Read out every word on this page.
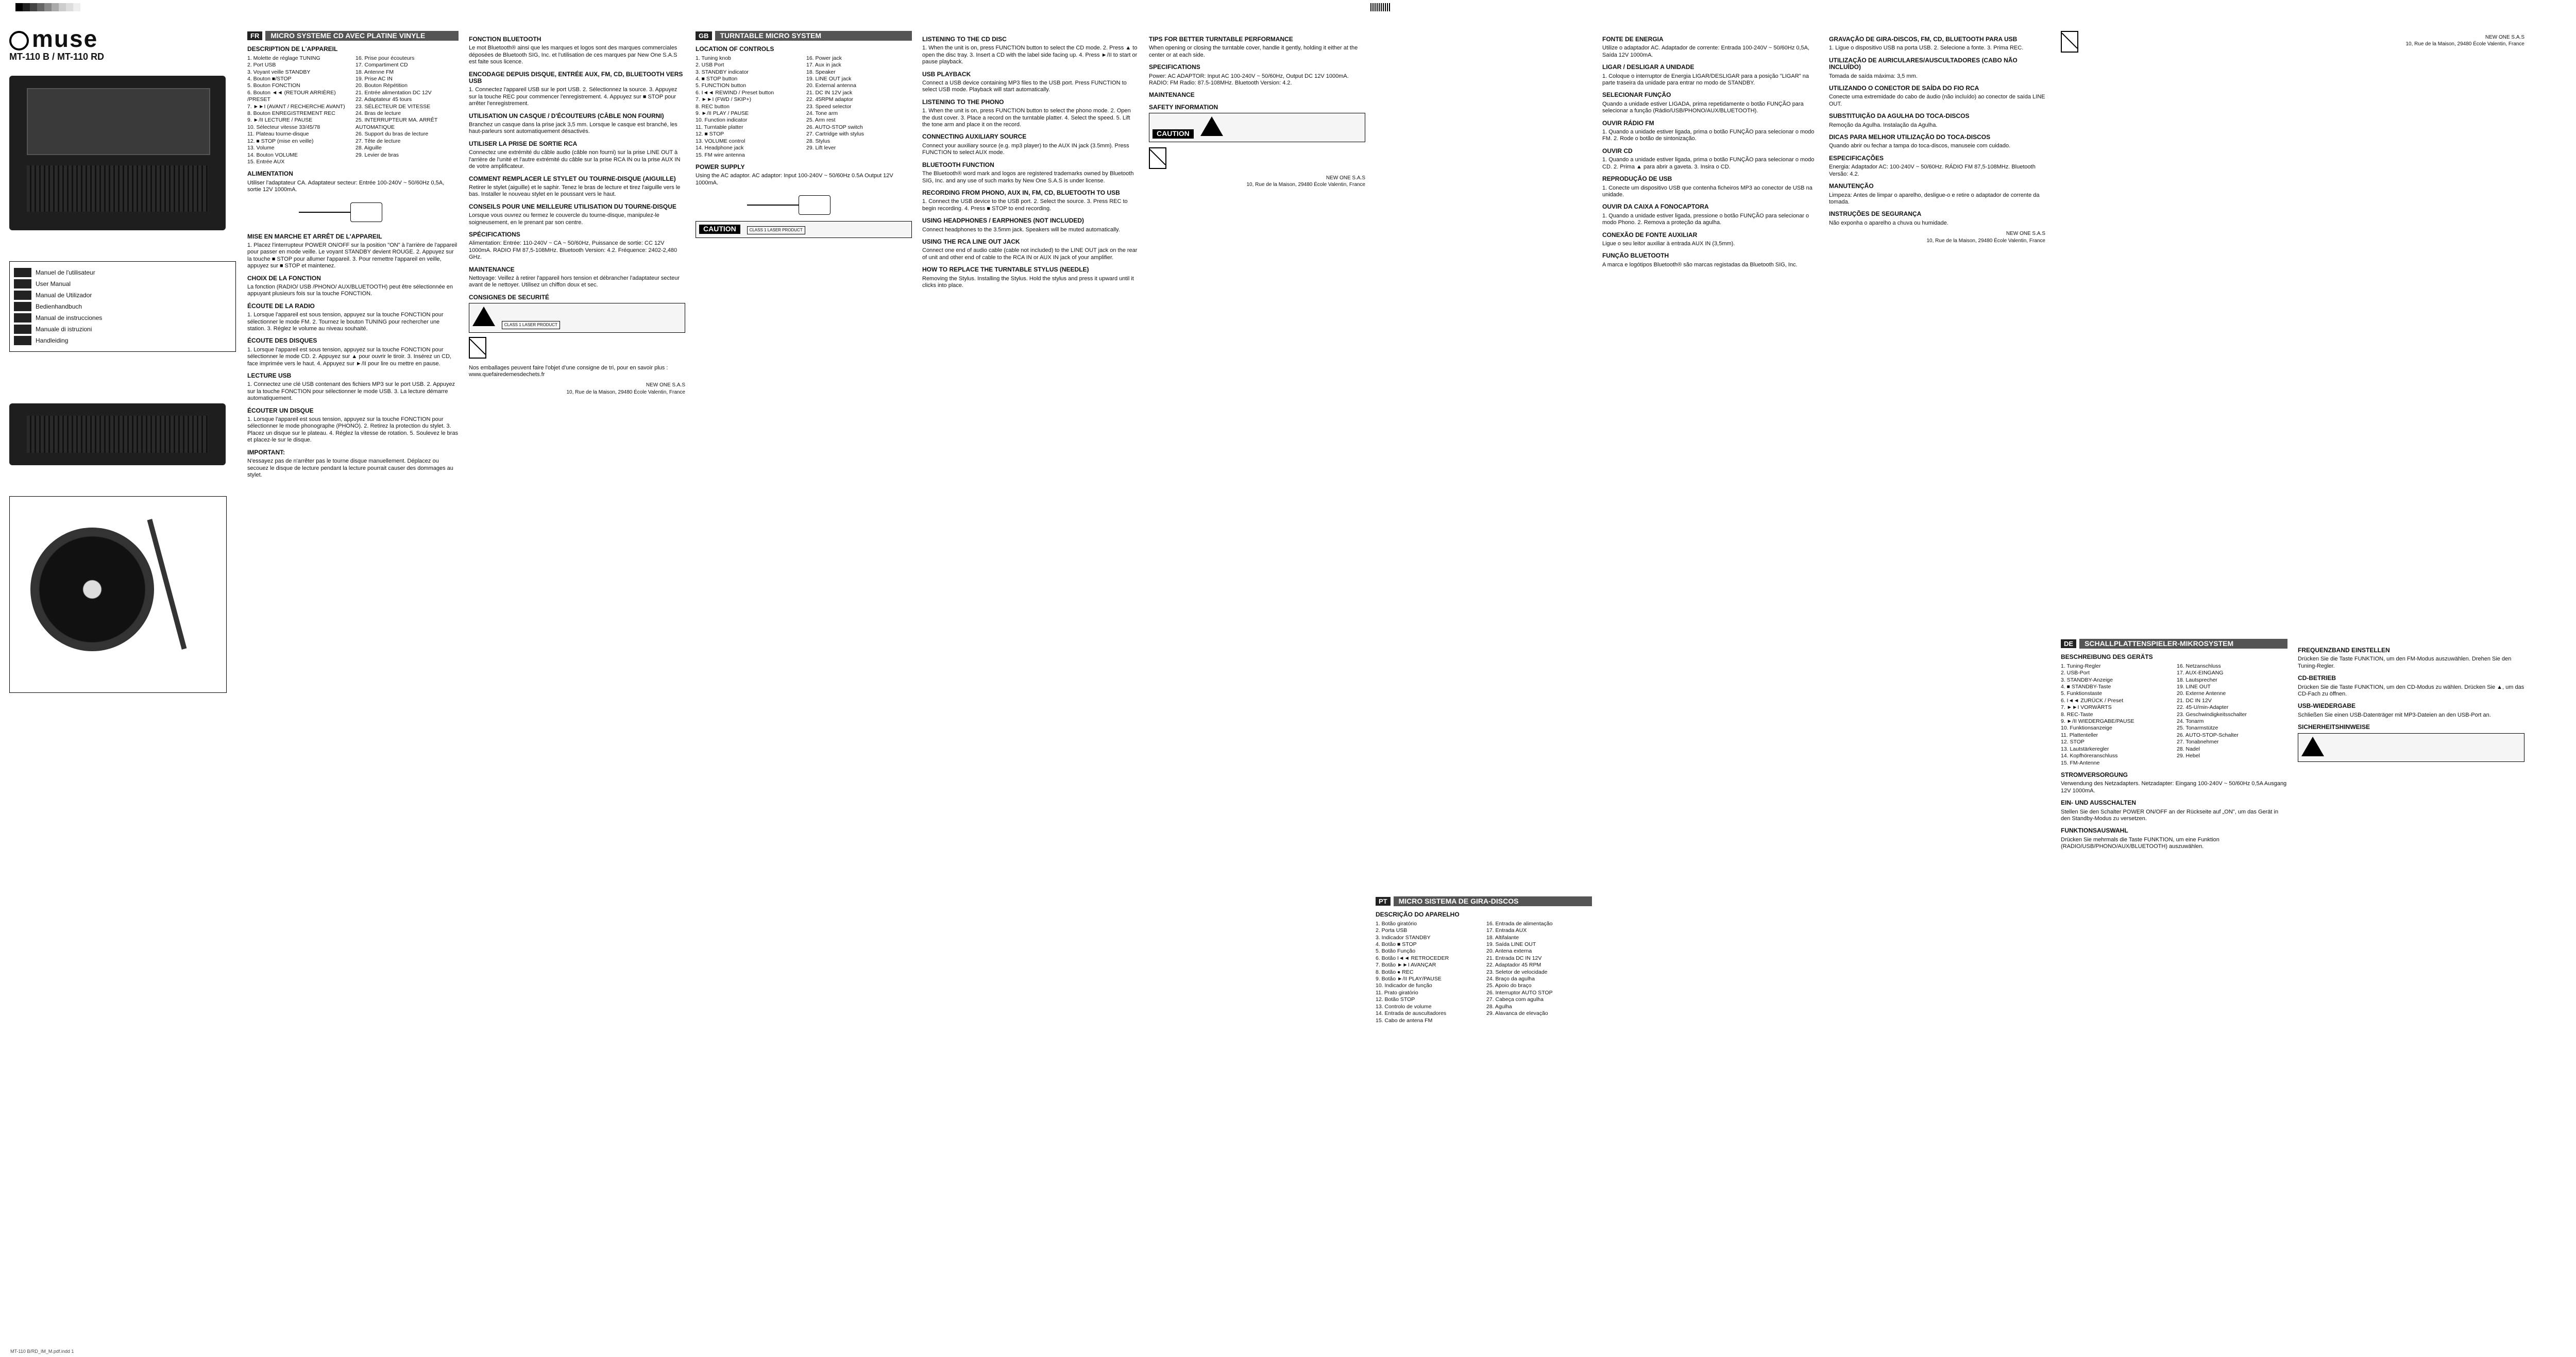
muse
MT-110 B / MT-110 RD
Manuel de l'utilisateur
User Manual
Manual de Utilizador
Bedienhandbuch
Manual de instrucciones
Manuale di istruzioni
Handleiding
FR	MICRO SYSTEME CD AVEC PLATINE VINYLE
DESCRIPTION DE L'APPAREIL
1. Molette de réglage TUNING
2. Port USB
3. Voyant veille STANDBY
4. Bouton ■/STOP
5. Bouton FONCTION
6. Bouton ◄◄ (RETOUR ARRIÈRE) /PRESET
7. ►►I (AVANT / RECHERCHE AVANT)
8. Bouton ENREGISTREMENT REC
9. ►/II LECTURE / PAUSE
10. Sélecteur vitesse 33/45/78
11. Plateau tourne-disque
12. ■ STOP (mise en veille)
13. Volume
14. Bouton VOLUME
15. Entrée AUX
16. Prise pour écouteurs
17. Compartiment CD
18. Antenne FM
19. Prise AC IN
20. Bouton Répétition
21. Entrée alimentation DC 12V
22. Adaptateur 45 tours
23. SÉLECTEUR DE VITESSE
24. Bras de lecture
25. INTERRUPTEUR MA. ARRÊT AUTOMATIQUE
26. Support du bras de lecture
27. Tête de lecture
28. Aiguille
29. Levier de bras
ALIMENTATION

Utiliser l'adaptateur CA. Adaptateur secteur: Entrée 100-240V ~ 50/60Hz 0,5A, sortie 12V 1000mA.

MISE EN MARCHE ET ARRÊT DE L'APPAREIL

1. Placez l'interrupteur POWER ON/OFF sur la position "ON" à l'arrière de l'appareil pour passer en mode veille. Le voyant STANDBY devient ROUGE. 2. Appuyez sur la touche ■ STOP pour allumer l'appareil. 3. Pour remettre l'appareil en veille, appuyez sur ■ STOP et maintenez.

CHOIX DE LA FONCTION

La fonction (RADIO/ USB /PHONO/ AUX/BLUETOOTH) peut être sélectionnée en appuyant plusieurs fois sur la touche FONCTION.

ÉCOUTE DE LA RADIO

1. Lorsque l'appareil est sous tension, appuyez sur la touche FONCTION pour sélectionner le mode FM. 2. Tournez le bouton TUNING pour rechercher une station. 3. Réglez le volume au niveau souhaité.

ÉCOUTE DES DISQUES

1. Lorsque l'appareil est sous tension, appuyez sur la touche FONCTION pour sélectionner le mode CD. 2. Appuyez sur ▲ pour ouvrir le tiroir. 3. Insérez un CD, face imprimée vers le haut. 4. Appuyez sur ►/II pour lire ou mettre en pause.

LECTURE USB

1. Connectez une clé USB contenant des fichiers MP3 sur le port USB. 2. Appuyez sur la touche FONCTION pour sélectionner le mode USB. 3. La lecture démarre automatiquement.

ÉCOUTER UN DISQUE

1. Lorsque l'appareil est sous tension, appuyez sur la touche FONCTION pour sélectionner le mode phonographe (PHONO). 2. Retirez la protection du stylet. 3. Placez un disque sur le plateau. 4. Réglez la vitesse de rotation. 5. Soulevez le bras et placez-le sur le disque.

IMPORTANT:

N'essayez pas de n'arrêter pas le tourne disque manuellement. Déplacez ou secouez le disque de lecture pendant la lecture pourrait causer des dommages au stylet.

FONCTION BLUETOOTH

Le mot Bluetooth® ainsi que les marques et logos sont des marques commerciales déposées de Bluetooth SIG, Inc. et l'utilisation de ces marques par New One S.A.S est faite sous licence.

ENCODAGE DEPUIS DISQUE, ENTRÉE AUX, FM, CD, BLUETOOTH VERS USB

1. Connectez l'appareil USB sur le port USB. 2. Sélectionnez la source. 3. Appuyez sur la touche REC pour commencer l'enregistrement. 4. Appuyez sur ■ STOP pour arrêter l'enregistrement.

UTILISATION UN CASQUE / D'ÉCOUTEURS (CÂBLE NON FOURNI)

Branchez un casque dans la prise jack 3,5 mm. Lorsque le casque est branché, les haut-parleurs sont automatiquement désactivés.

UTILISER LA PRISE DE SORTIE RCA

Connectez une extrémité du câble audio (câble non fourni) sur la prise LINE OUT à l'arrière de l'unité et l'autre extrémité du câble sur la prise RCA IN ou la prise AUX IN de votre amplificateur.

COMMENT REMPLACER LE STYLET OU TOURNE-DISQUE (AIGUILLE)

Retirer le stylet (aiguille) et le saphir. Tenez le bras de lecture et tirez l'aiguille vers le bas. Installer le nouveau stylet en le poussant vers le haut.

CONSEILS POUR UNE MEILLEURE UTILISATION DU TOURNE-DISQUE

Lorsque vous ouvrez ou fermez le couvercle du tourne-disque, manipulez-le soigneusement, en le prenant par son centre.

SPÉCIFICATIONS

Alimentation: Entrée: 110-240V ~ CA ~ 50/60Hz, Puissance de sortie: CC 12V 1000mA. RADIO FM 87,5-108MHz. Bluetooth Version: 4.2. Fréquence: 2402-2,480 GHz.

MAINTENANCE

Nettoyage: Veillez à retirer l'appareil hors tension et débrancher l'adaptateur secteur avant de le nettoyer. Utilisez un chiffon doux et sec.

CONSIGNES DE SECURITÉ
CLASS 1 LASER PRODUCT

Nos emballages peuvent faire l'objet d'une consigne de tri, pour en savoir plus : www.quefairedemesdechets.fr

NEW ONE S.A.S
10, Rue de la Maison, 29480 École Valentin, France
GB	TURNTABLE MICRO SYSTEM
LOCATION OF CONTROLS
1. Tuning knob
2. USB Port
3. STANDBY indicator
4. ■ STOP button
5. FUNCTION button
6. I◄◄ REWIND / Preset button
7. ►►I (FWD / SKIP+)
8. REC button
9. ►/II PLAY / PAUSE
10. Function indicator
11. Turntable platter
12. ■ STOP
13. VOLUME control
14. Headphone jack
15. FM wire antenna
16. Power jack
17. Aux in jack
18. Speaker
19. LINE OUT jack
20. External antenna
21. DC IN 12V jack
22. 45RPM adaptor
23. Speed selector
24. Tone arm
25. Arm rest
26. AUTO-STOP switch
27. Cartridge with stylus
28. Stylus
29. Lift lever
POWER SUPPLY

Using the AC adaptor. AC adaptor: Input 100-240V ~ 50/60Hz 0.5A Output 12V 1000mA.

CAUTION	CLASS 1 LASER PRODUCT
LISTENING TO THE CD DISC

1. When the unit is on, press FUNCTION button to select the CD mode. 2. Press ▲ to open the disc tray. 3. Insert a CD with the label side facing up. 4. Press ►/II to start or pause playback.

USB PLAYBACK

Connect a USB device containing MP3 files to the USB port. Press FUNCTION to select USB mode. Playback will start automatically.

LISTENING TO THE PHONO

1. When the unit is on, press FUNCTION button to select the phono mode. 2. Open the dust cover. 3. Place a record on the turntable platter. 4. Select the speed. 5. Lift the tone arm and place it on the record.

CONNECTING AUXILIARY SOURCE

Connect your auxiliary source (e.g. mp3 player) to the AUX IN jack (3.5mm). Press FUNCTION to select AUX mode.

BLUETOOTH FUNCTION

The Bluetooth® word mark and logos are registered trademarks owned by Bluetooth SIG, Inc. and any use of such marks by New One S.A.S is under license.

RECORDING FROM PHONO, AUX IN, FM, CD, BLUETOOTH TO USB

1. Connect the USB device to the USB port. 2. Select the source. 3. Press REC to begin recording. 4. Press ■ STOP to end recording.

USING HEADPHONES / EARPHONES (NOT INCLUDED)

Connect headphones to the 3.5mm jack. Speakers will be muted automatically.

USING THE RCA LINE OUT JACK

Connect one end of audio cable (cable not included) to the LINE OUT jack on the rear of unit and other end of cable to the RCA IN or AUX IN jack of your amplifier.

HOW TO REPLACE THE TURNTABLE STYLUS (NEEDLE)

Removing the Stylus. Installing the Stylus. Hold the stylus and press it upward until it clicks into place.

TIPS FOR BETTER TURNTABLE PERFORMANCE

When opening or closing the turntable cover, handle it gently, holding it either at the center or at each side.

SPECIFICATIONS

Power: AC ADAPTOR: Input AC 100-240V ~ 50/60Hz, Output DC 12V 1000mA. RADIO: FM Radio: 87.5-108MHz. Bluetooth Version: 4.2.

MAINTENANCE
SAFETY INFORMATION
CAUTION

NEW ONE S.A.S
10, Rue de la Maison, 29480 École Valentin, France
PT	MICRO SISTEMA DE GIRA-DISCOS
DESCRIÇÃO DO APARELHO
1. Botão giratório
2. Porta USB
3. Indicador STANDBY
4. Botão ■ STOP
5. Botão Função
6. Botão I◄◄ RETROCEDER
7. Botão ►►I AVANÇAR
8. Botão ● REC
9. Botão ►/II PLAY/PAUSE
10. Indicador de função
11. Prato giratório
12. Botão STOP
13. Controlo de volume
14. Entrada de auscultadores
15. Cabo de antena FM
16. Entrada de alimentação
17. Entrada AUX
18. Altifalante
19. Saída LINE OUT
20. Antena externa
21. Entrada DC IN 12V
22. Adaptador 45 RPM
23. Seletor de velocidade
24. Braço da agulha
25. Apoio do braço
26. Interruptor AUTO STOP
27. Cabeça com agulha
28. Agulha
29. Alavanca de elevação
FONTE DE ENERGIA

Utilize o adaptador AC. Adaptador de corrente: Entrada 100-240V ~ 50/60Hz 0,5A, Saída 12V 1000mA.

LIGAR / DESLIGAR A UNIDADE

1. Coloque o interruptor de Energia LIGAR/DESLIGAR para a posição "LIGAR" na parte traseira da unidade para entrar no modo de STANDBY.

SELECIONAR FUNÇÃO

Quando a unidade estiver LIGADA, prima repetidamente o botão FUNÇÃO para selecionar a função (Rádio/USB/PHONO/AUX/BLUETOOTH).

OUVIR RÁDIO FM

1. Quando a unidade estiver ligada, prima o botão FUNÇÃO para selecionar o modo FM. 2. Rode o botão de sintonização.

OUVIR CD

1. Quando a unidade estiver ligada, prima o botão FUNÇÃO para selecionar o modo CD. 2. Prima ▲ para abrir a gaveta. 3. Insira o CD.

REPRODUÇÃO DE USB

1. Conecte um dispositivo USB que contenha ficheiros MP3 ao conector de USB na unidade.

OUVIR DA CAIXA A FONOCAPTORA

1. Quando a unidade estiver ligada, pressione o botão FUNÇÃO para selecionar o modo Phono. 2. Remova a proteção da agulha.

CONEXÃO DE FONTE AUXILIAR

Ligue o seu leitor auxiliar à entrada AUX IN (3,5mm).

FUNÇÃO BLUETOOTH

A marca e logótipos Bluetooth® são marcas registadas da Bluetooth SIG, Inc.

GRAVAÇÃO DE GIRA-DISCOS, FM, CD, BLUETOOTH PARA USB

1. Ligue o dispositivo USB na porta USB. 2. Selecione a fonte. 3. Prima REC.

UTILIZAÇÃO DE AURICULARES/AUSCULTADORES (CABO NÃO INCLUÍDO)

Tomada de saída máxima: 3,5 mm.

UTILIZANDO O CONECTOR DE SAÍDA DO FIO RCA

Conecte uma extremidade do cabo de áudio (não incluído) ao conector de saída LINE OUT.

SUBSTITUIÇÃO DA AGULHA DO TOCA-DISCOS

Remoção da Agulha. Instalação da Agulha.

DICAS PARA MELHOR UTILIZAÇÃO DO TOCA-DISCOS

Quando abrir ou fechar a tampa do toca-discos, manuseie com cuidado.

ESPECIFICAÇÕES

Energia: Adaptador AC: 100-240V ~ 50/60Hz. RÁDIO FM 87,5-108MHz. Bluetooth Versão: 4.2.

MANUTENÇÃO

Limpeza: Antes de limpar o aparelho, desligue-o e retire o adaptador de corrente da tomada.

INSTRUÇÕES DE SEGURANÇA

Não exponha o aparelho a chuva ou humidade.

NEW ONE S.A.S
10, Rue de la Maison, 29480 École Valentin, France

DE	SCHALLPLATTENSPIELER-MIKROSYSTEM
BESCHREIBUNG DES GERÄTS
1. Tuning-Regler
2. USB-Port
3. STANDBY-Anzeige
4. ■ STANDBY-Taste
5. Funktionstaste
6. I◄◄ ZURÜCK / Preset
7. ►►I VORWÄRTS
8. REC-Taste
9. ►/II WIEDERGABE/PAUSE
10. Funktionsanzeige
11. Plattenteller
12. STOP
13. Lautstärkeregler
14. Kopfhöreranschluss
15. FM-Antenne
16. Netzanschluss
17. AUX-EINGANG
18. Lautsprecher
19. LINE OUT
20. Externe Antenne
21. DC IN 12V
22. 45-U/min-Adapter
23. Geschwindigkeitsschalter
24. Tonarm
25. Tonarmstütze
26. AUTO-STOP-Schalter
27. Tonabnehmer
28. Nadel
29. Hebel
STROMVERSORGUNG

Verwendung des Netzadapters. Netzadapter: Eingang 100-240V ~ 50/60Hz 0,5A Ausgang 12V 1000mA.

EIN- UND AUSSCHALTEN

Stellen Sie den Schalter POWER ON/OFF an der Rückseite auf „ON", um das Gerät in den Standby-Modus zu versetzen.

FUNKTIONSAUSWAHL

Drücken Sie mehrmals die Taste FUNKTION, um eine Funktion (RADIO/USB/PHONO/AUX/BLUETOOTH) auszuwählen.

NEW ONE S.A.S
10, Rue de la Maison, 29480 École Valentin, France
FREQUENZBAND EINSTELLEN

Drücken Sie die Taste FUNKTION, um den FM-Modus auszuwählen. Drehen Sie den Tuning-Regler.

CD-BETRIEB

Drücken Sie die Taste FUNKTION, um den CD-Modus zu wählen. Drücken Sie ▲, um das CD-Fach zu öffnen.

USB-WIEDERGABE

Schließen Sie einen USB-Datenträger mit MP3-Dateien an den USB-Port an.

SICHERHEITSHINWEISE
MT-110 B/RD_IM_M.pdf.indd 1
